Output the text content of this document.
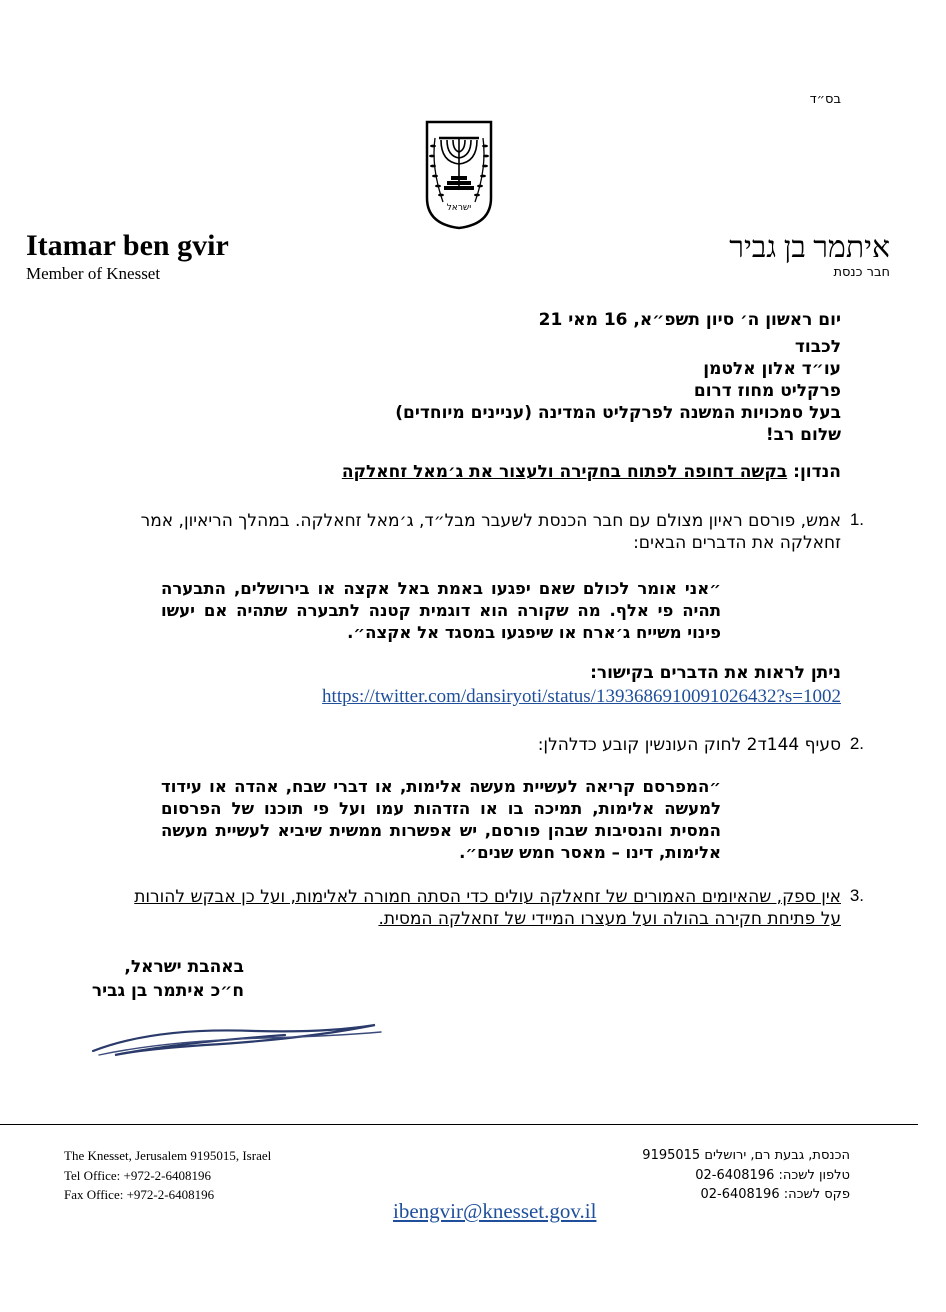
בס״ד
ישראל
איתמר בן גביר
חבר כנסת
Itamar ben gvir
Member of Knesset
יום ראשון ה׳ סיון תשפ״א, 16 מאי 21
לכבוד
עו״ד אלון אלטמן
פרקליט מחוז דרום
בעל סמכויות המשנה לפרקליט המדינה (עניינים מיוחדים)
שלום רב!
הנדון: בקשה דחופה לפתוח בחקירה ולעצור את ג׳מאל זחאלקה
1.
אמש, פורסם ראיון מצולם עם חבר הכנסת לשעבר מבל״ד, ג׳מאל זחאלקה. במהלך הריאיון, אמר זחאלקה את הדברים הבאים:
״אני אומר לכולם שאם יפגעו באמת באל אקצה או בירושלים, התבערה תהיה פי אלף. מה שקורה הוא דוגמית קטנה לתבערה שתהיה אם יעשו פינוי משייח ג׳ארח או שיפגעו במסגד אל אקצה״.
ניתן לראות את הדברים בקישור:
https://twitter.com/dansiryoti/status/1393686910091026432?s=1002
2.
סעיף 144ד2 לחוק העונשין קובע כדלהלן:
״המפרסם קריאה לעשיית מעשה אלימות, או דברי שבח, אהדה או עידוד למעשה אלימות, תמיכה בו או הזדהות עמו ועל פי תוכנו של הפרסום המסית והנסיבות שבהן פורסם, יש אפשרות ממשית שיביא לעשיית מעשה אלימות, דינו – מאסר חמש שנים״.
3.
אין ספק, שהאיומים האמורים של זחאלקה עולים כדי הסתה חמורה לאלימות, ועל כן אבקש להורות על פתיחת חקירה בהולה ועל מעצרו המיידי של זחאלקה המסית.
באהבת ישראל,
ח״כ איתמר בן גביר
The Knesset, Jerusalem 9195015, Israel
Tel Office: +972-2-6408196
Fax Office: +972-2-6408196
הכנסת, גבעת רם, ירושלים 9195015
טלפון לשכה: 02-6408196
פקס לשכה: 02-6408196
ibengvir@knesset.gov.il
